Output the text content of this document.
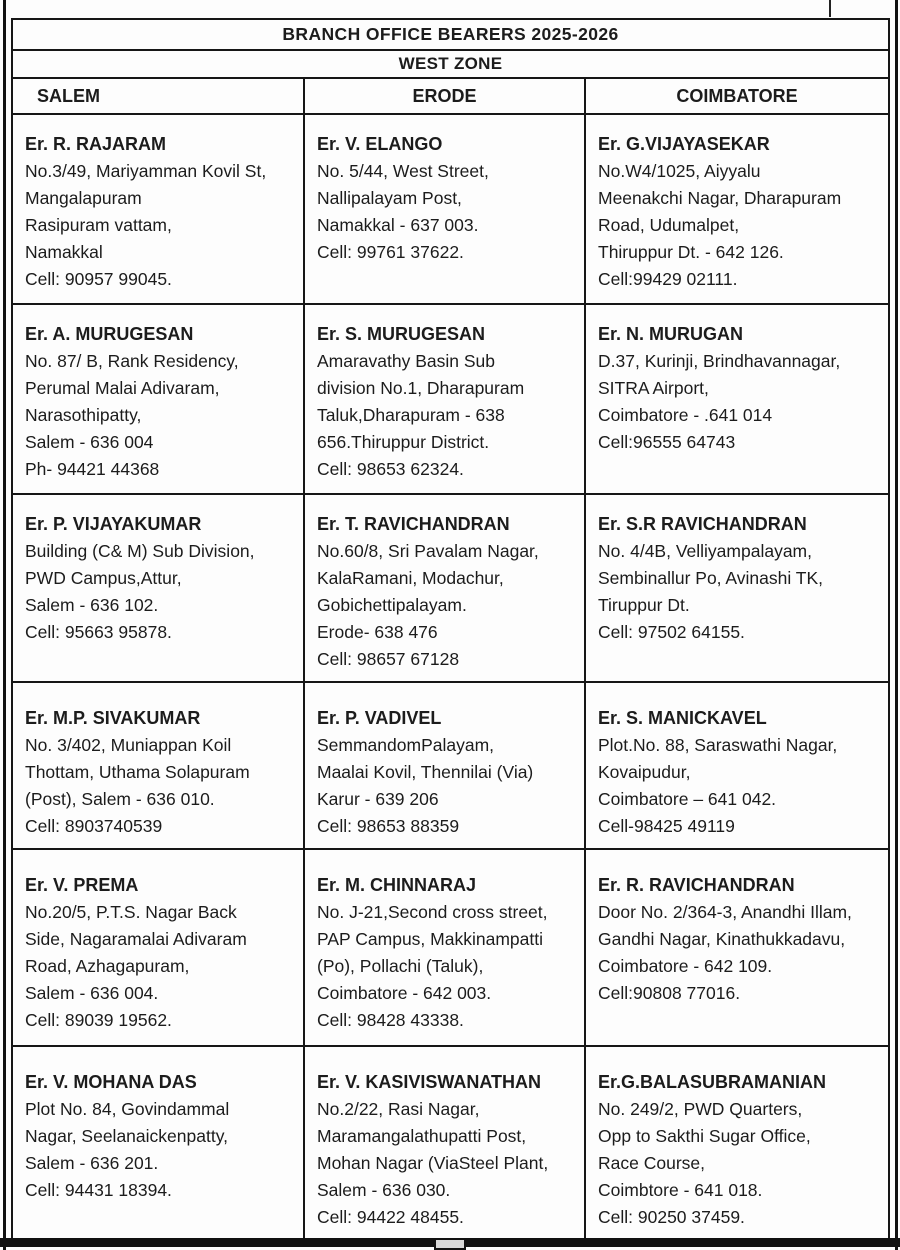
BRANCH OFFICE BEARERS 2025-2026
WEST ZONE
SALEM	ERODE	COIMBATORE
Er. R. RAJARAM
No.3/49, Mariyamman Kovil St,
Mangalapuram
Rasipuram vattam,
Namakkal
Cell: 90957 99045.
Er. V. ELANGO
No. 5/44, West Street,
Nallipalayam Post,
Namakkal - 637 003.
Cell: 99761 37622.
Er. G.VIJAYASEKAR
No.W4/1025, Aiyyalu
Meenakchi Nagar, Dharapuram
Road, Udumalpet,
Thiruppur Dt. - 642 126.
Cell:99429 02111.
Er. A. MURUGESAN
No. 87/ B, Rank Residency,
Perumal Malai Adivaram,
Narasothipatty,
Salem - 636 004
Ph- 94421 44368
Er. S. MURUGESAN
Amaravathy Basin Sub
division No.1, Dharapuram
Taluk,Dharapuram - 638
656.Thiruppur District.
Cell: 98653 62324.
Er. N. MURUGAN
D.37, Kurinji, Brindhavannagar,
SITRA Airport,
Coimbatore - .641 014
Cell:96555 64743
Er. P. VIJAYAKUMAR
Building (C& M) Sub Division,
PWD Campus,Attur,
Salem - 636 102.
Cell: 95663 95878.
Er. T. RAVICHANDRAN
No.60/8, Sri Pavalam Nagar,
KalaRamani, Modachur,
Gobichettipalayam.
Erode- 638 476
Cell: 98657 67128
Er. S.R RAVICHANDRAN
No. 4/4B, Velliyampalayam,
Sembinallur Po, Avinashi TK,
Tiruppur Dt.
Cell: 97502 64155.
Er. M.P. SIVAKUMAR
No. 3/402, Muniappan Koil
Thottam, Uthama Solapuram
(Post), Salem - 636 010.
Cell: 8903740539
Er. P. VADIVEL
SemmandomPalayam,
Maalai Kovil, Thennilai (Via)
Karur - 639 206
Cell: 98653 88359
Er. S. MANICKAVEL
Plot.No. 88, Saraswathi Nagar,
Kovaipudur,
Coimbatore – 641 042.
Cell-98425 49119
Er. V. PREMA
No.20/5, P.T.S. Nagar Back
Side, Nagaramalai Adivaram
Road, Azhagapuram,
Salem - 636 004.
Cell: 89039 19562.
Er. M. CHINNARAJ
No. J-21,Second cross street,
PAP Campus, Makkinampatti
(Po), Pollachi (Taluk),
Coimbatore - 642 003.
Cell: 98428 43338.
Er. R. RAVICHANDRAN
Door No. 2/364-3, Anandhi Illam,
Gandhi Nagar, Kinathukkadavu,
Coimbatore - 642 109.
Cell:90808 77016.
Er. V. MOHANA DAS
Plot No. 84, Govindammal
Nagar, Seelanaickenpatty,
Salem - 636 201.
Cell: 94431 18394.
Er. V. KASIVISWANATHAN
No.2/22, Rasi Nagar,
Maramangalathupatti Post,
Mohan Nagar (ViaSteel Plant,
Salem - 636 030.
Cell: 94422 48455.
Er.G.BALASUBRAMANIAN
No. 249/2, PWD Quarters,
Opp to Sakthi Sugar Office,
Race Course,
Coimbtore - 641 018.
Cell: 90250 37459.
